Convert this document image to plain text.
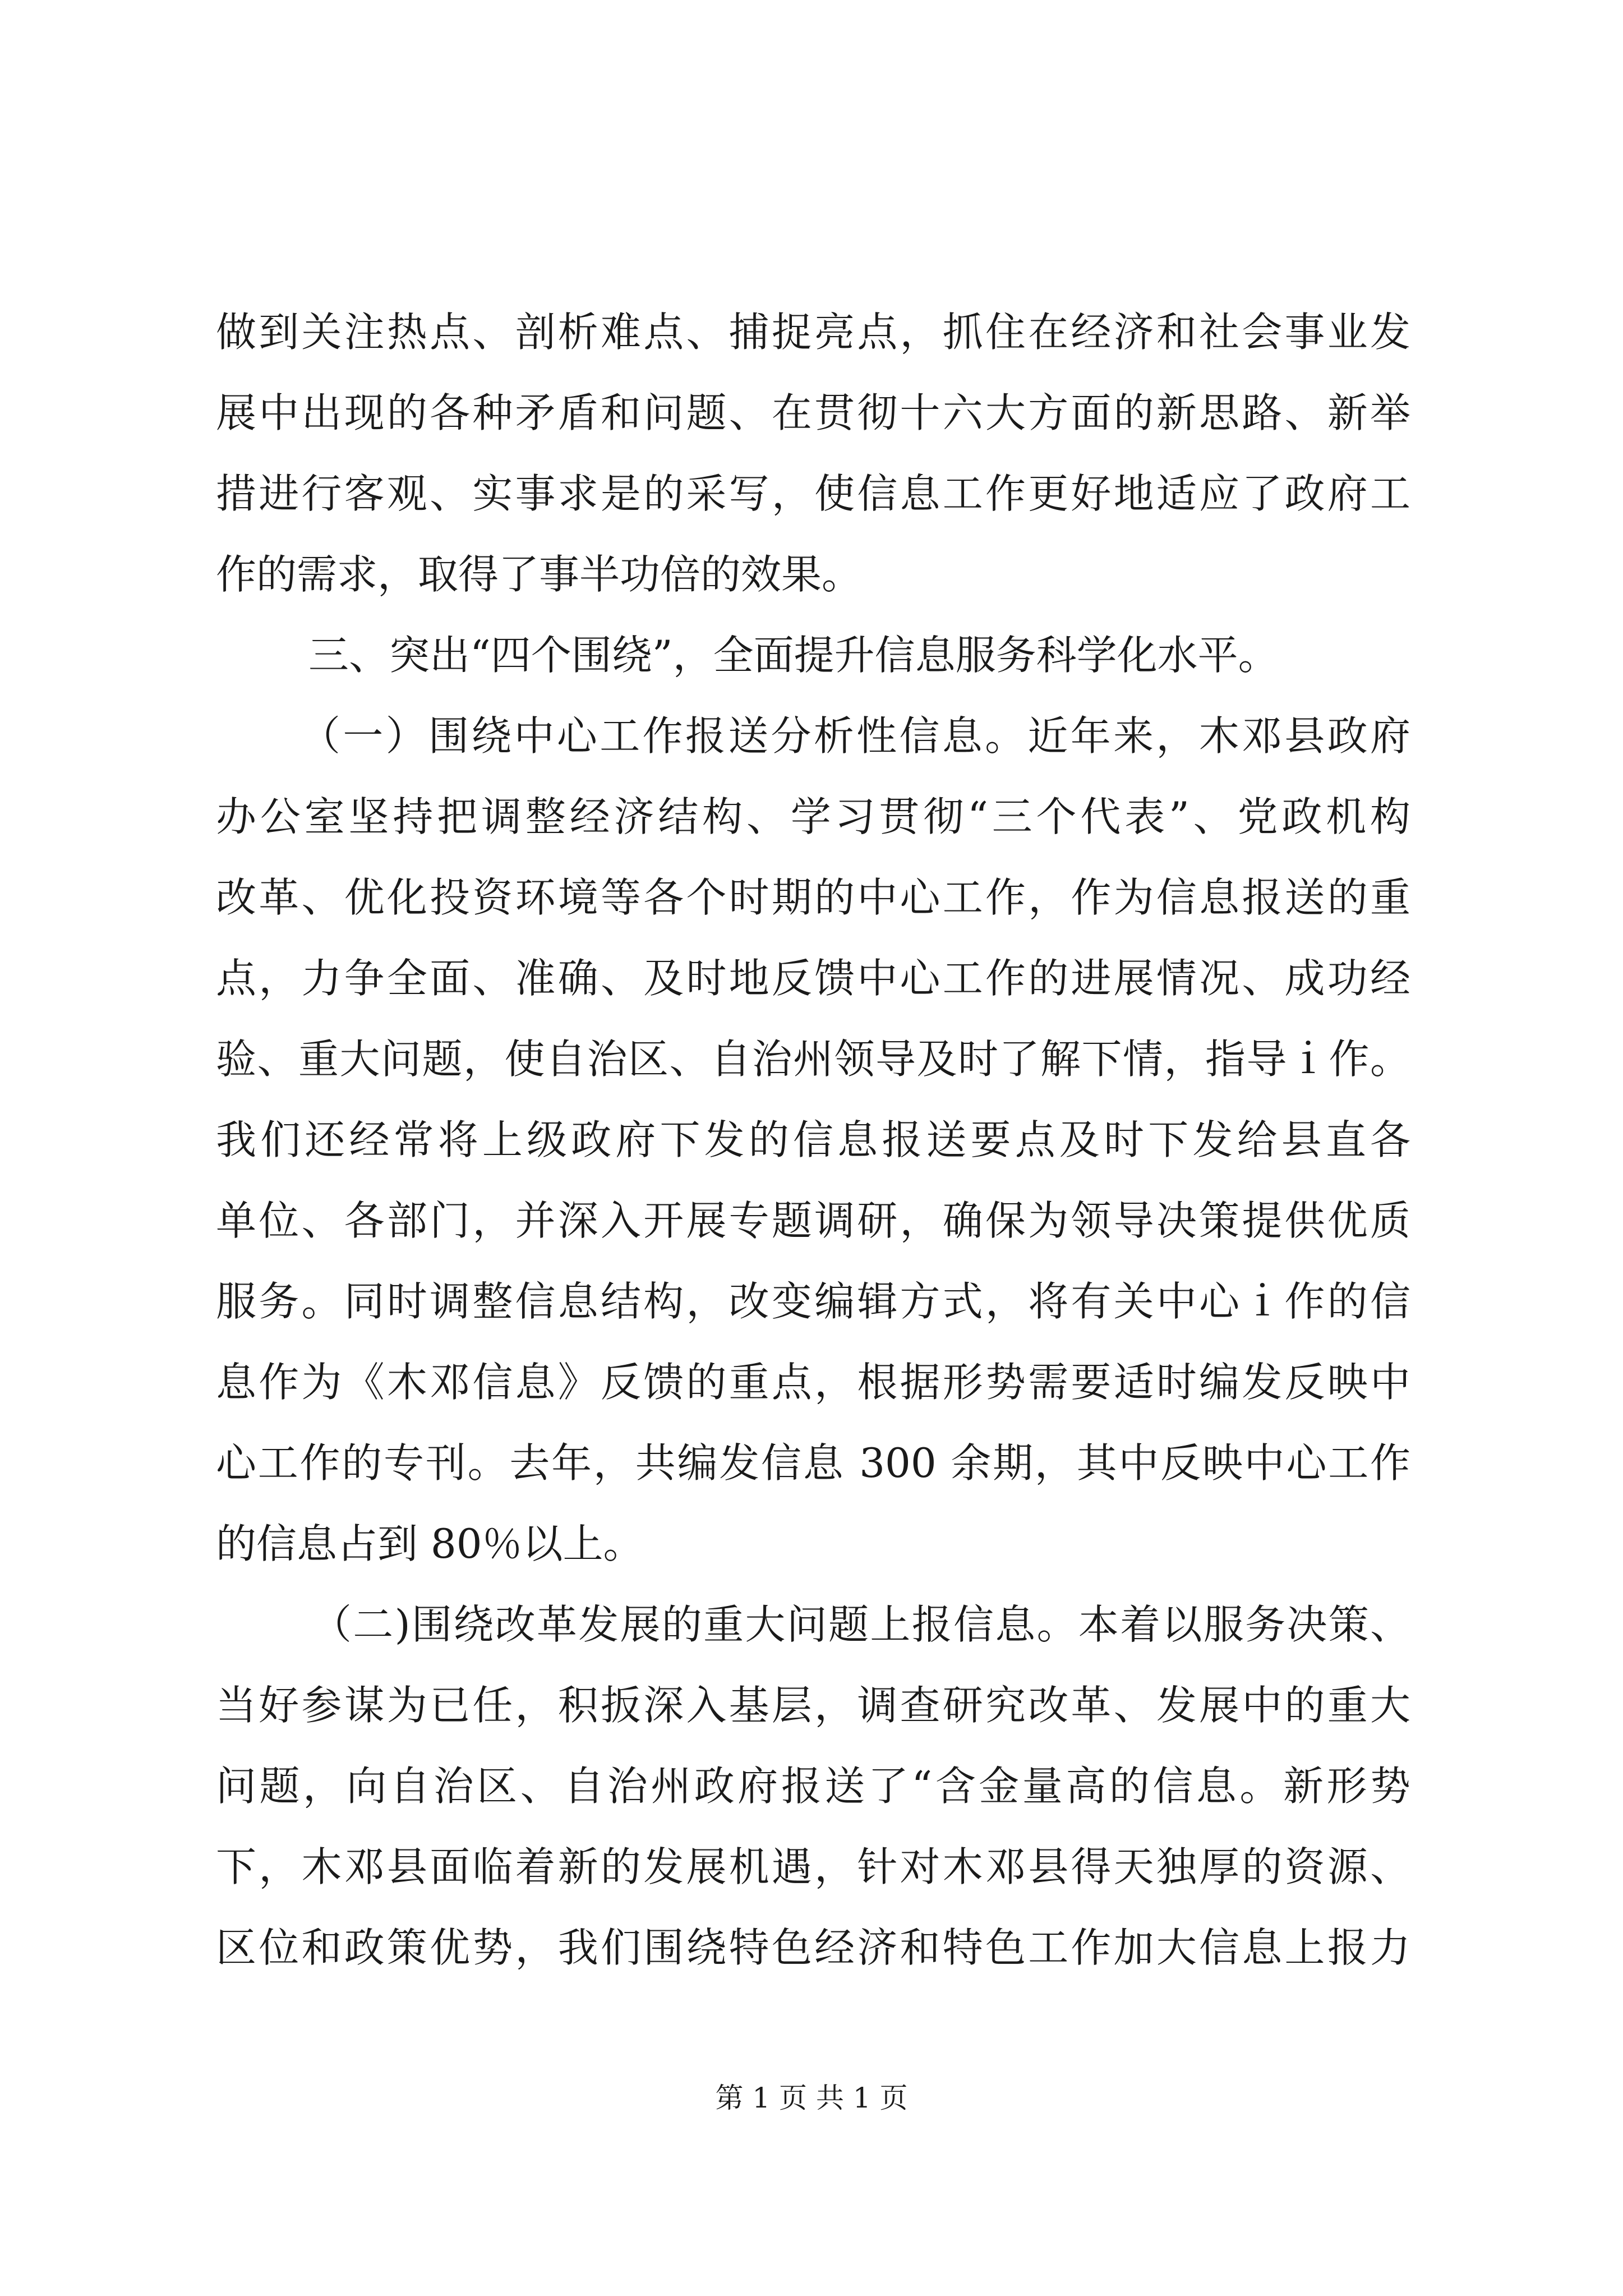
做到关注热点、剖析难点、捕捉亮点，抓住在经济和社会事业发
展中出现的各种矛盾和问题、在贯彻十六大方面的新思路、新举
措进行客观、实事求是的采写，使信息工作更好地适应了政府工
作的需求，取得了事半功倍的效果。
三、突出“四个围绕”，全面提升信息服务科学化水平。
（一）围绕中心工作报送分析性信息。近年来，木邓县政府
办公室坚持把调整经济结构、学习贯彻“三个代表”、党政机构
改革、优化投资环境等各个时期的中心工作，作为信息报送的重
点，力争全面、准确、及时地反馈中心工作的进展情况、成功经
验、重大问题，使自治区、自治州领导及时了解下情，指导ｉ作。
我们还经常将上级政府下发的信息报送要点及时下发给县直各
单位、各部门，并深入开展专题调研，确保为领导决策提供优质
服务。同时调整信息结构，改变编辑方式，将有关中心ｉ作的信
息作为《木邓信息》反馈的重点，根据形势需要适时编发反映中
心工作的专刊。去年，共编发信息 300 余期，其中反映中心工作
的信息占到 80％以上。
（二)围绕改革发展的重大问题上报信息。本着以服务决策、
当好参谋为已任，积扳深入基层，调查研究改革、发展中的重大
问题，向自治区、自治州政府报送了“含金量高的信息。新形势
下，木邓县面临着新的发展机遇，针对木邓县得天独厚的资源、
区位和政策优势，我们围绕特色经济和特色工作加大信息上报力
第 1 页 共 1 页
